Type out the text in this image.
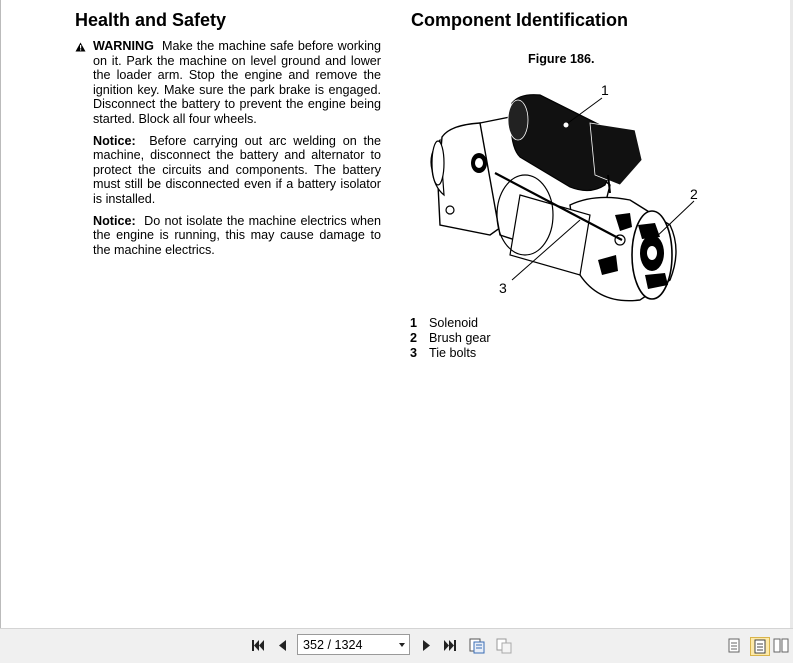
Health and Safety

WARNING Make the machine safe before working on it. Park the machine on level ground and lower the loader arm. Stop the engine and remove the ignition key. Make sure the park brake is engaged. Disconnect the battery to prevent the engine being started. Block all four wheels.

Notice: Before carrying out arc welding on the machine, disconnect the battery and alternator to protect the circuits and components. The battery must still be disconnected even if a battery isolator is installed.

Notice: Do not isolate the machine electrics when the engine is running, this may cause damage to the machine electrics.

Component Identification
Figure 186.
1
2
3
1 Solenoid
2 Brush gear
3 Tie bolts
352 / 1324
